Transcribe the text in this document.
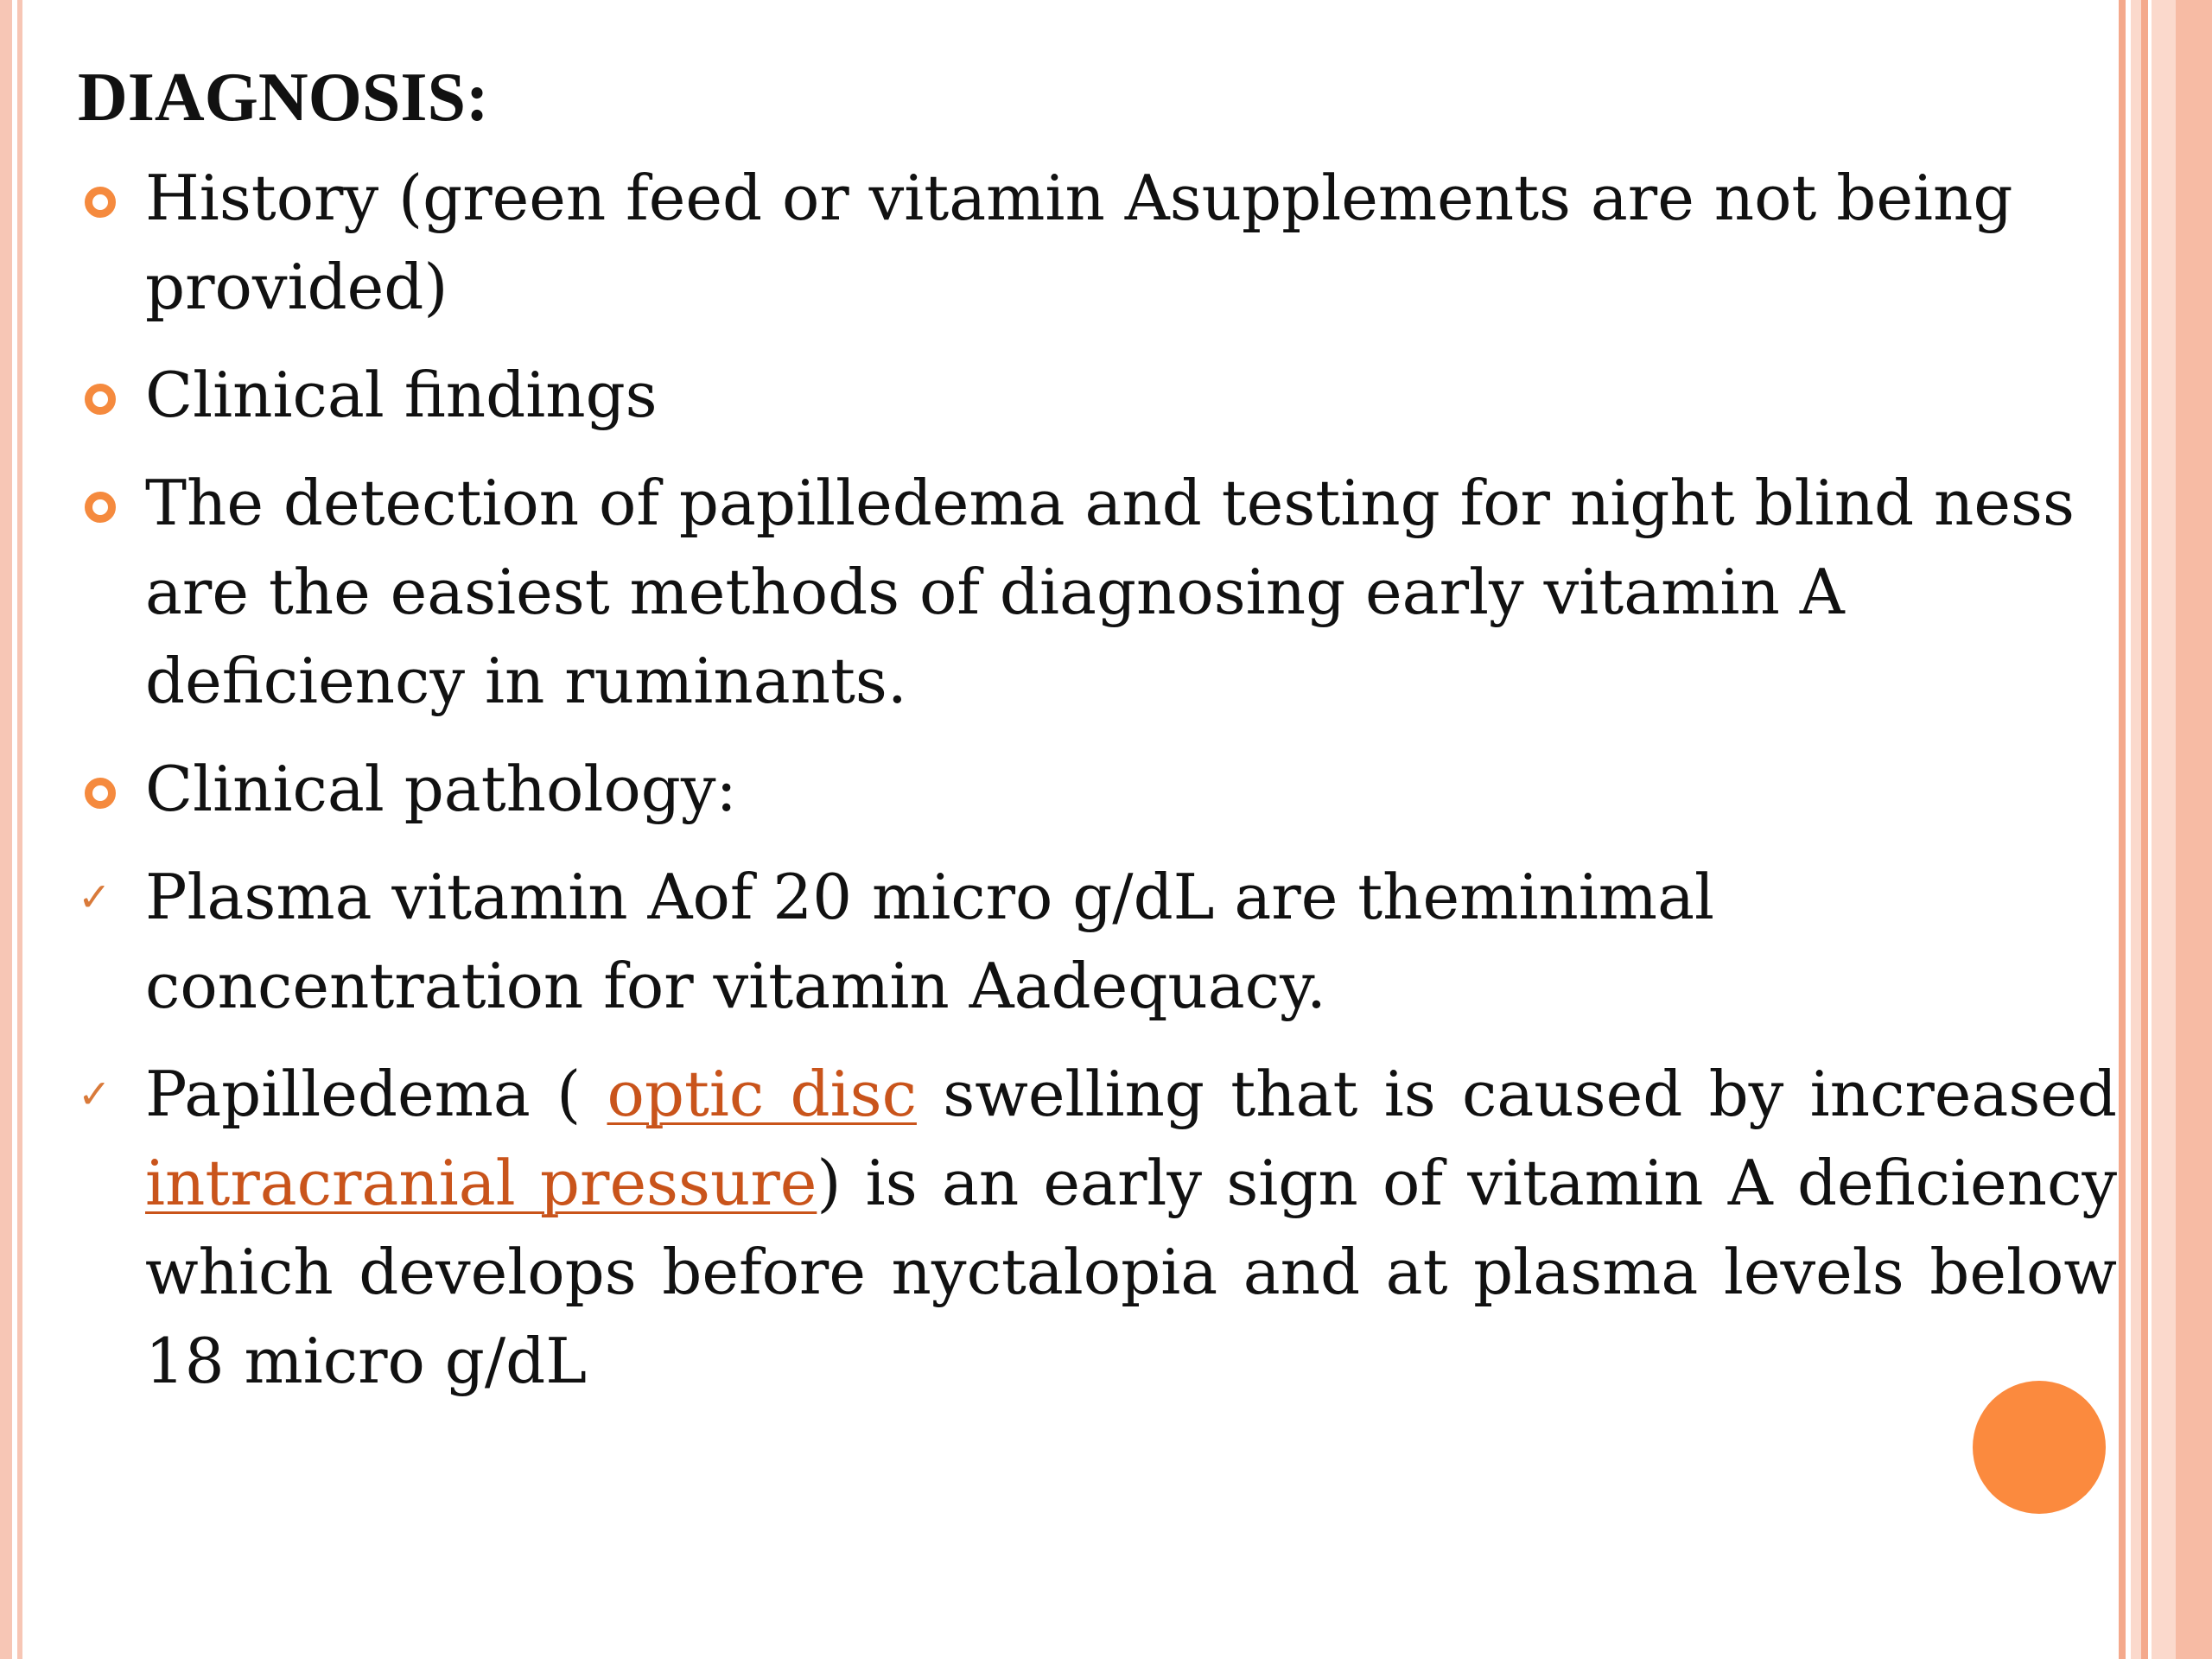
DIAGNOSIS:
History (green feed or vitamin Asupplements are not being provided)
Clinical findings
The detection of papilledema and testing for night blind ness are the easiest methods of diagnosing early vitamin A deficiency in ruminants.
Clinical pathology:
✓ Plasma vitamin Aof 20 micro g/dL are theminimal concentration for vitamin Aadequacy.
✓ Papilledema ( optic disc swelling that is caused by increased intracranial pressure) is an early sign of vitamin A deficiency which develops before nyctalopia and at plasma levels below 18 micro g/dL
